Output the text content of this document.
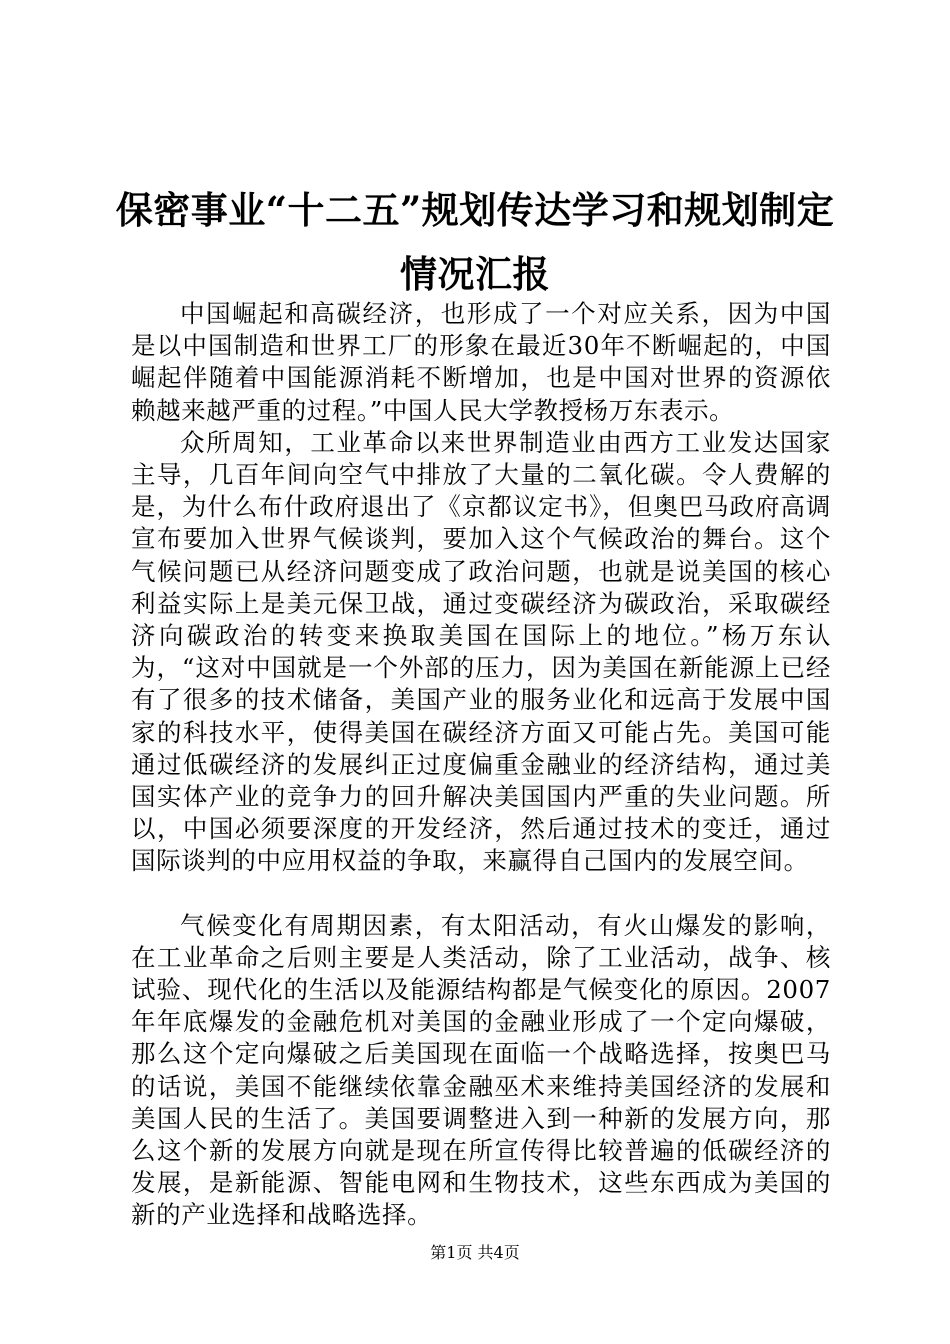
保密事业“十二五”规划传达学习和规划制定
情况汇报

中国崛起和高碳经济，也形成了一个对应关系，因为中国是以中国制造和世界工厂的形象在最近30年不断崛起的，中国崛起伴随着中国能源消耗不断增加，也是中国对世界的资源依赖越来越严重的过程。”中国人民大学教授杨万东表示。

众所周知，工业革命以来世界制造业由西方工业发达国家主导，几百年间向空气中排放了大量的二氧化碳。令人费解的是，为什么布什政府退出了《京都议定书》，但奥巴马政府高调宣布要加入世界气候谈判，要加入这个气候政治的舞台。这个气候问题已从经济问题变成了政治问题，也就是说美国的核心利益实际上是美元保卫战，通过变碳经济为碳政治，采取碳经济向碳政治的转变来换取美国在国际上的地位。”杨万东认为，“这对中国就是一个外部的压力，因为美国在新能源上已经有了很多的技术储备，美国产业的服务业化和远高于发展中国家的科技水平，使得美国在碳经济方面又可能占先。美国可能通过低碳经济的发展纠正过度偏重金融业的经济结构，通过美国实体产业的竞争力的回升解决美国国内严重的失业问题。所以，中国必须要深度的开发经济，然后通过技术的变迁，通过国际谈判的中应用权益的争取，来赢得自己国内的发展空间。

气候变化有周期因素，有太阳活动，有火山爆发的影响，在工业革命之后则主要是人类活动，除了工业活动，战争、核试验、现代化的生活以及能源结构都是气候变化的原因。2007年年底爆发的金融危机对美国的金融业形成了一个定向爆破，那么这个定向爆破之后美国现在面临一个战略选择，按奥巴马的话说，美国不能继续依靠金融巫术来维持美国经济的发展和美国人民的生活了。美国要调整进入到一种新的发展方向，那么这个新的发展方向就是现在所宣传得比较普遍的低碳经济的发展，是新能源、智能电网和生物技术，这些东西成为美国的新的产业选择和战略选择。

第1页 共4页
